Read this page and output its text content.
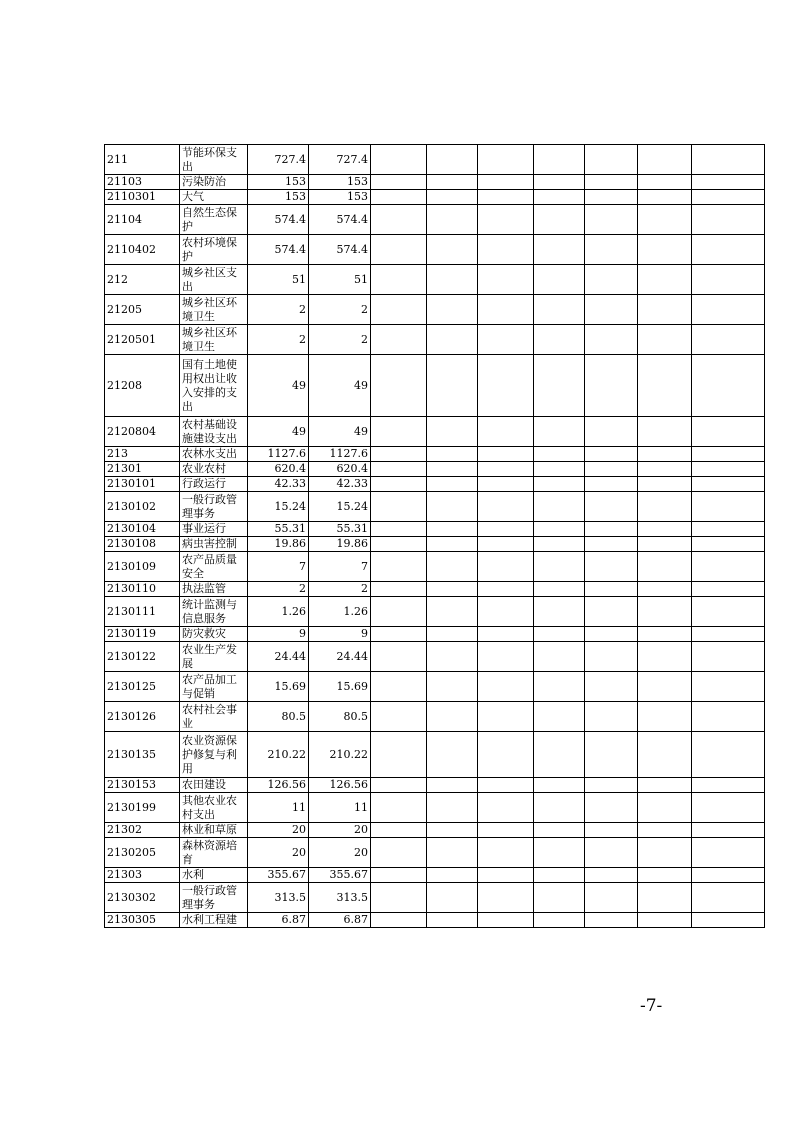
211	节能环保支出	727.4	727.4							
21103	污染防治	153	153							
2110301	大气	153	153							
21104	自然生态保护	574.4	574.4							
2110402	农村环境保护	574.4	574.4							
212	城乡社区支出	51	51							
21205	城乡社区环境卫生	2	2							
2120501	城乡社区环境卫生	2	2							
21208	国有土地使用权出让收入安排的支出	49	49							
2120804	农村基础设施建设支出	49	49							
213	农林水支出	1127.6	1127.6							
21301	农业农村	620.4	620.4							
2130101	行政运行	42.33	42.33							
2130102	一般行政管理事务	15.24	15.24							
2130104	事业运行	55.31	55.31							
2130108	病虫害控制	19.86	19.86							
2130109	农产品质量安全	7	7							
2130110	执法监管	2	2							
2130111	统计监测与信息服务	1.26	1.26							
2130119	防灾救灾	9	9							
2130122	农业生产发展	24.44	24.44							
2130125	农产品加工与促销	15.69	15.69							
2130126	农村社会事业	80.5	80.5							
2130135	农业资源保护修复与利用	210.22	210.22							
2130153	农田建设	126.56	126.56							
2130199	其他农业农村支出	11	11							
21302	林业和草原	20	20							
2130205	森林资源培育	20	20							
21303	水利	355.67	355.67							
2130302	一般行政管理事务	313.5	313.5							
2130305	水利工程建	6.87	6.87							
-7-
